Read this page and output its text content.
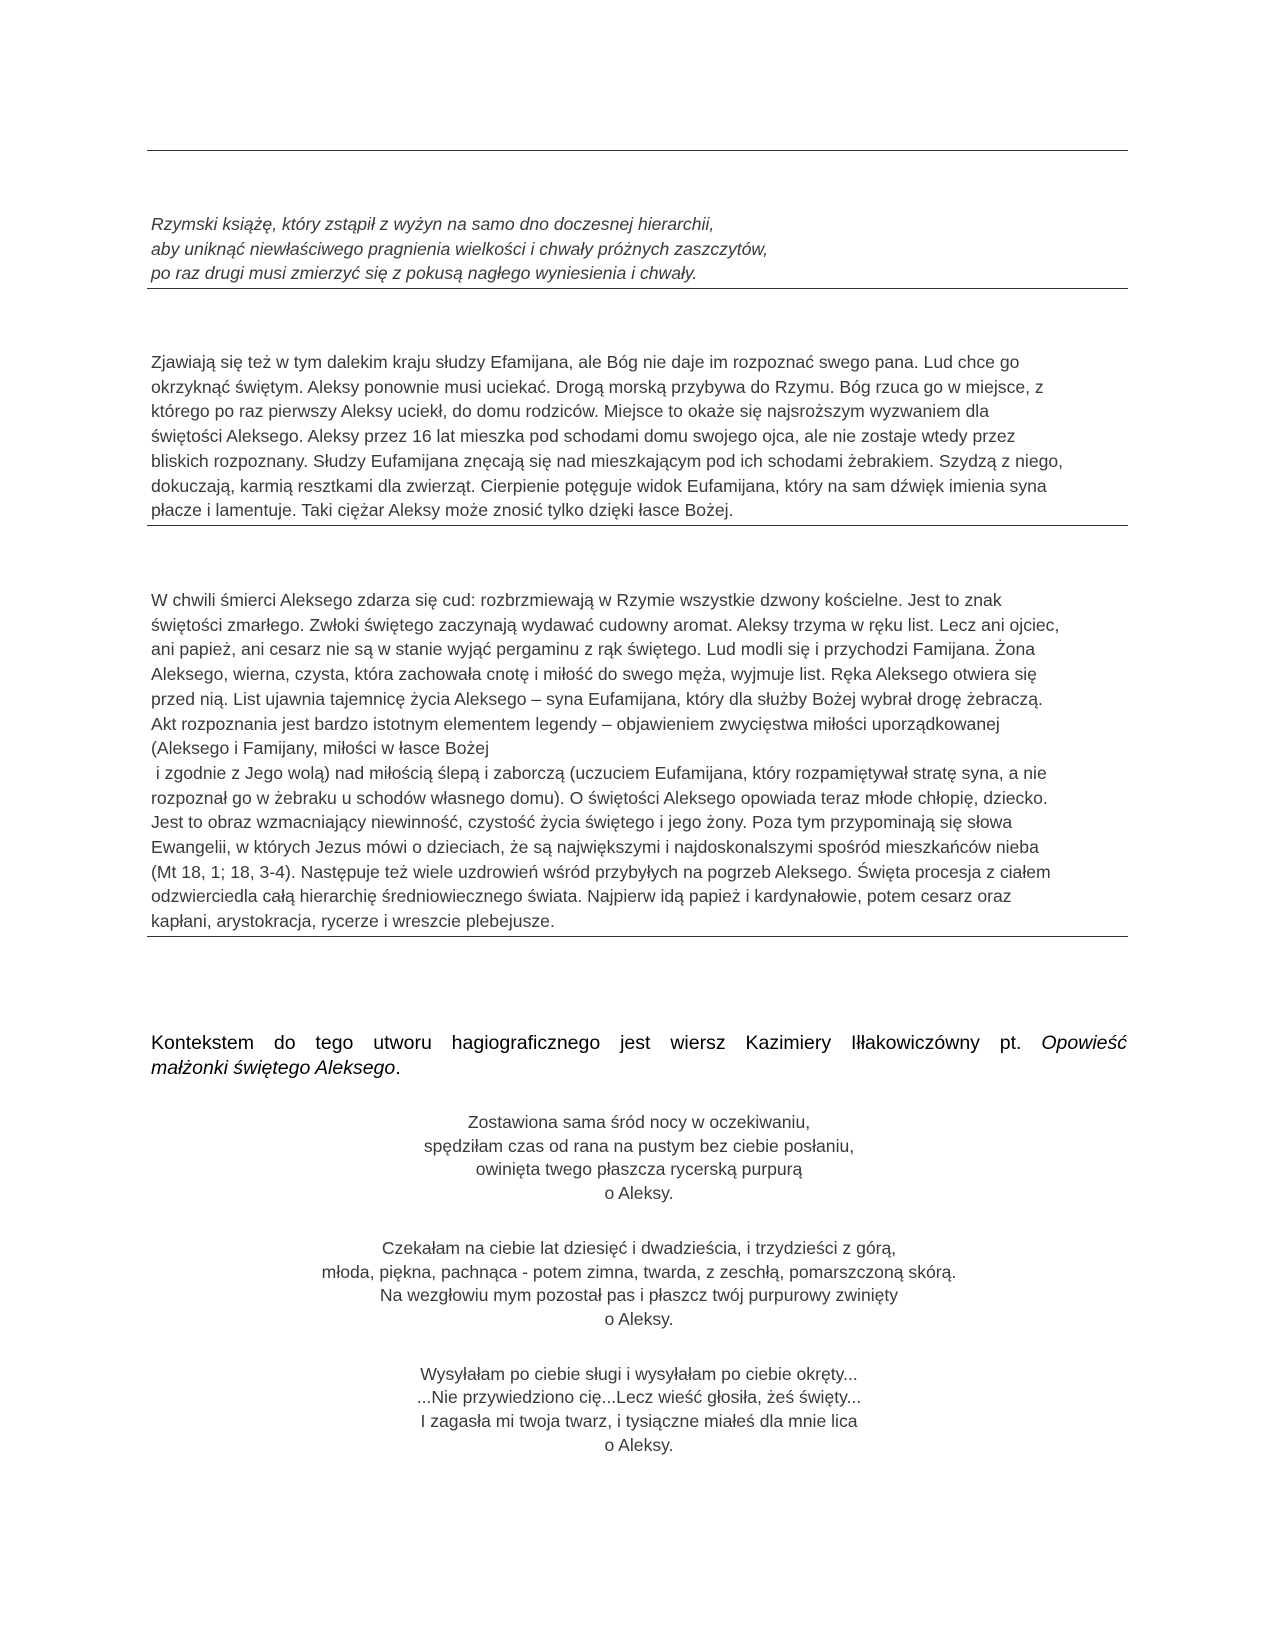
Rzymski książę, który zstąpił z wyżyn na samo dno doczesnej hierarchii,
aby uniknąć niewłaściwego pragnienia wielkości i chwały próżnych zaszczytów,
po raz drugi musi zmierzyć się z pokusą nagłego wyniesienia i chwały.
Zjawiają się też w tym dalekim kraju słudzy Efamijana, ale Bóg nie daje im rozpoznać swego pana. Lud chce go
okrzyknąć świętym. Aleksy ponownie musi uciekać. Drogą morską przybywa do Rzymu. Bóg rzuca go w miejsce, z
którego po raz pierwszy Aleksy uciekł, do domu rodziców. Miejsce to okaże się najsroższym wyzwaniem dla
świętości Aleksego. Aleksy przez 16 lat mieszka pod schodami domu swojego ojca, ale nie zostaje wtedy przez
bliskich rozpoznany. Słudzy Eufamijana znęcają się nad mieszkającym pod ich schodami żebrakiem. Szydzą z niego,
dokuczają, karmią resztkami dla zwierząt. Cierpienie potęguje widok Eufamijana, który na sam dźwięk imienia syna
płacze i lamentuje. Taki ciężar Aleksy może znosić tylko dzięki łasce Bożej.
W chwili śmierci Aleksego zdarza się cud: rozbrzmiewają w Rzymie wszystkie dzwony kościelne. Jest to znak
świętości zmarłego. Zwłoki świętego zaczynają wydawać cudowny aromat. Aleksy trzyma w ręku list. Lecz ani ojciec,
ani papież, ani cesarz nie są w stanie wyjąć pergaminu z rąk świętego. Lud modli się i przychodzi Famijana. Żona
Aleksego, wierna, czysta, która zachowała cnotę i miłość do swego męża, wyjmuje list. Ręka Aleksego otwiera się
przed nią. List ujawnia tajemnicę życia Aleksego – syna Eufamijana, który dla służby Bożej wybrał drogę żebraczą.
Akt rozpoznania jest bardzo istotnym elementem legendy – objawieniem zwycięstwa miłości uporządkowanej
(Aleksego i Famijany, miłości w łasce Bożej
i zgodnie z Jego wolą) nad miłością ślepą i zaborczą (uczuciem Eufamijana, który rozpamiętywał stratę syna, a nie
rozpoznał go w żebraku u schodów własnego domu). O świętości Aleksego opowiada teraz młode chłopię, dziecko.
Jest to obraz wzmacniający niewinność, czystość życia świętego i jego żony. Poza tym przypominają się słowa
Ewangelii, w których Jezus mówi o dzieciach, że są największymi i najdoskonalszymi spośród mieszkańców nieba
(Mt 18, 1; 18, 3-4). Następuje też wiele uzdrowień wśród przybyłych na pogrzeb Aleksego. Święta procesja z ciałem
odzwierciedla całą hierarchię średniowiecznego świata. Najpierw idą papież i kardynałowie, potem cesarz oraz
kapłani, arystokracja, rycerze i wreszcie plebejusze.
Kontekstem do tego utworu hagiograficznego jest wiersz Kazimiery Iłłakowiczówny pt. Opowieść
małżonki świętego Aleksego.
Zostawiona sama śród nocy w oczekiwaniu,
spędziłam czas od rana na pustym bez ciebie posłaniu,
owinięta twego płaszcza rycerską purpurą
o Aleksy.
Czekałam na ciebie lat dziesięć i dwadzieścia, i trzydzieści z górą,
młoda, piękna, pachnąca - potem zimna, twarda, z zeschłą, pomarszczoną skórą.
Na wezgłowiu mym pozostał pas i płaszcz twój purpurowy zwinięty
o Aleksy.
Wysyłałam po ciebie sługi i wysyłałam po ciebie okręty...
...Nie przywiedziono cię...Lecz wieść głosiła, żeś święty...
I zagasła mi twoja twarz, i tysiączne miałeś dla mnie lica
o Aleksy.
